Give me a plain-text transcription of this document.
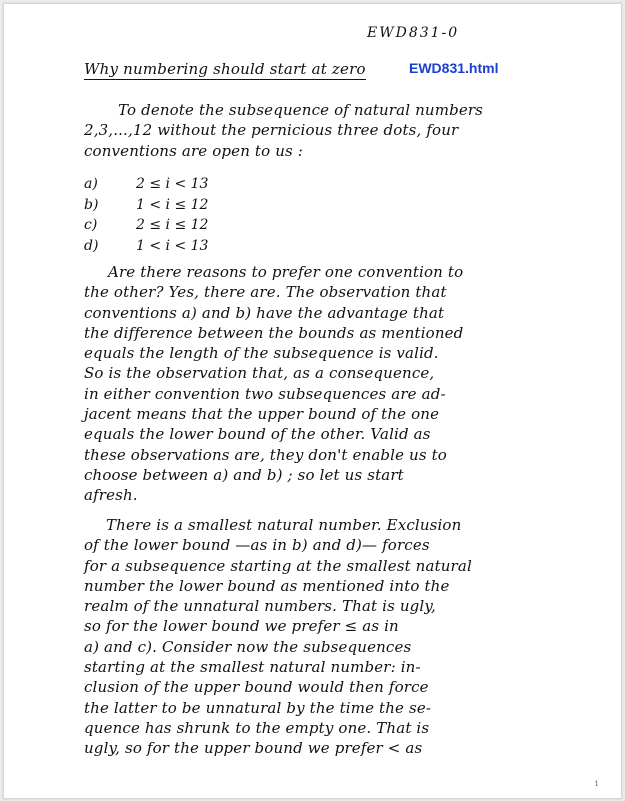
EWD831-0
Why numbering should start at zero	EWD831.html
To denote the subsequence of natural numbers
2,3,...,12 without the pernicious three dots, four
conventions are open to us :
a)	2 ≤ i < 13
b)	1 < i ≤ 12
c)	2 ≤ i ≤ 12
d)	1 < i < 13
Are there reasons to prefer one convention to
the other? Yes, there are. The observation that
conventions a) and b) have the advantage that
the difference between the bounds as mentioned
equals the length of the subsequence is valid.
So is the observation that, as a consequence,
in either convention two subsequences are ad-
jacent means that the upper bound of the one
equals the lower bound of the other. Valid as
these observations are, they don't enable us to
choose between a) and b) ; so let us start
afresh.
There is a smallest natural number. Exclusion
of the lower bound —as in b) and d)— forces
for a subsequence starting at the smallest natural
number the lower bound as mentioned into the
realm of the unnatural numbers. That is ugly,
so for the lower bound we prefer ≤ as in
a) and c). Consider now the subsequences
starting at the smallest natural number: in-
clusion of the upper bound would then force
the latter to be unnatural by the time the se-
quence has shrunk to the empty one. That is
ugly, so for the upper bound we prefer < as
1
